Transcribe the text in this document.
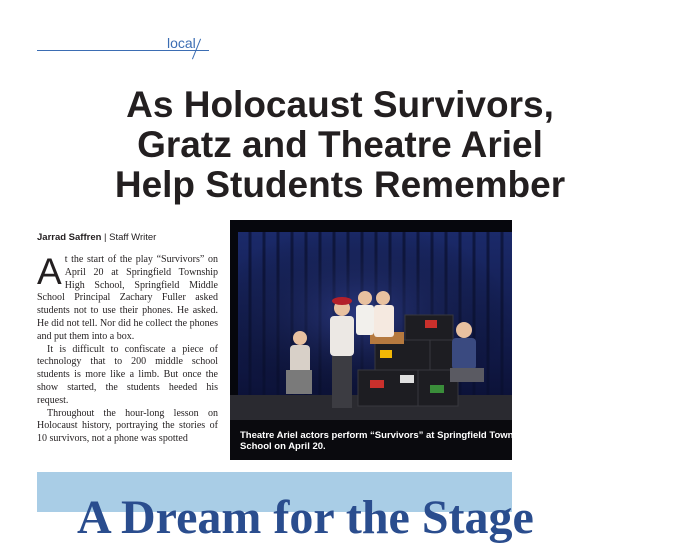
local
As Holocaust Survivors,
Gratz and Theatre Ariel
Help Students Remember
Jarrad Saffren | Staff Writer

At the start of the play “Survivors” on April 20 at Springfield Township High School, Springfield Middle School Principal Zachary Fuller asked students not to use their phones. He asked. He did not tell. Nor did he collect the phones and put them into a box.

It is difficult to confiscate a piece of technology that to 200 middle school students is more like a limb. But once the show started, the students heeded his request.

Throughout the hour-long lesson on Holocaust history, portraying the stories of 10 survivors, not a phone was spotted	Theatre Ariel actors perform “Survivors” at Springfield Township High
School on April 20.
A Dream for the Stage
